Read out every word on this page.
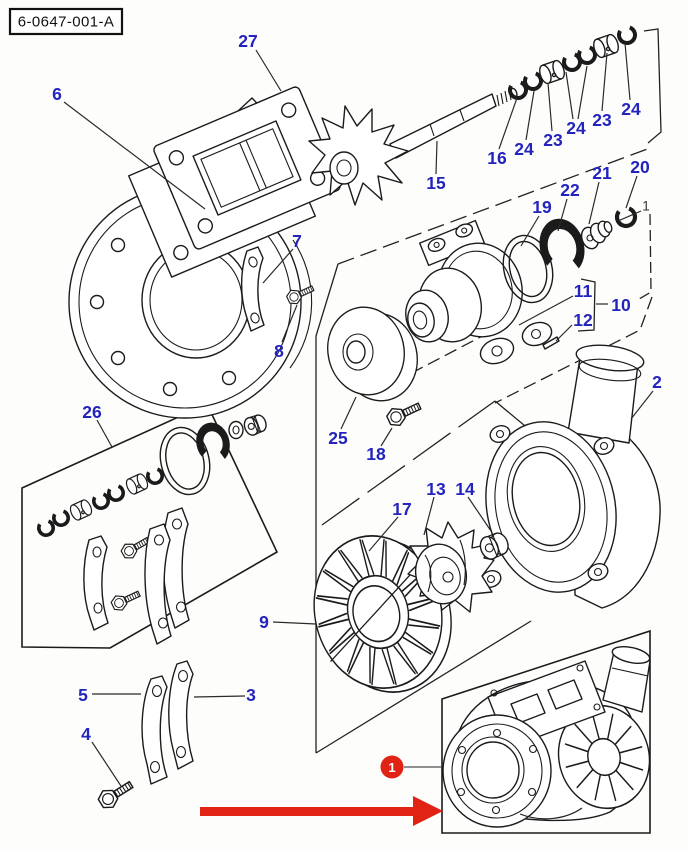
2
3
4
5
6
7
8
9
10
11
12
13 14
15
16
17
18
19
20
21
22
23
23
24
24
24
25
26
27
1
1
6-0647-001-A
